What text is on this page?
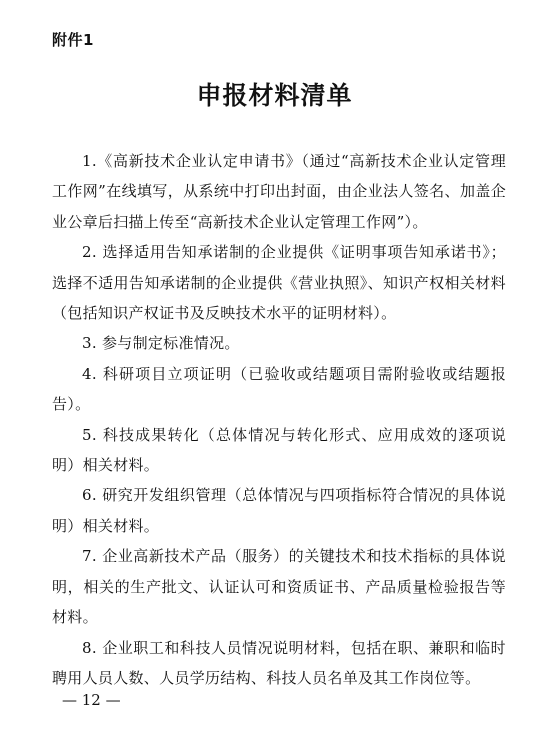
附件1
申报材料清单

1.《高新技术企业认定申请书》（通过“高新技术企业认定管理工作网”在线填写，从系统中打印出封面，由企业法人签名、加盖企业公章后扫描上传至“高新技术企业认定管理工作网”）。

2. 选择适用告知承诺制的企业提供《证明事项告知承诺书》；选择不适用告知承诺制的企业提供《营业执照》、知识产权相关材料（包括知识产权证书及反映技术水平的证明材料）。

3. 参与制定标准情况。

4. 科研项目立项证明（已验收或结题项目需附验收或结题报告）。

5. 科技成果转化（总体情况与转化形式、应用成效的逐项说明）相关材料。

6. 研究开发组织管理（总体情况与四项指标符合情况的具体说明）相关材料。

7. 企业高新技术产品（服务）的关键技术和技术指标的具体说明，相关的生产批文、认证认可和资质证书、产品质量检验报告等材料。

8. 企业职工和科技人员情况说明材料，包括在职、兼职和临时聘用人员人数、人员学历结构、科技人员名单及其工作岗位等。

— 12 —
